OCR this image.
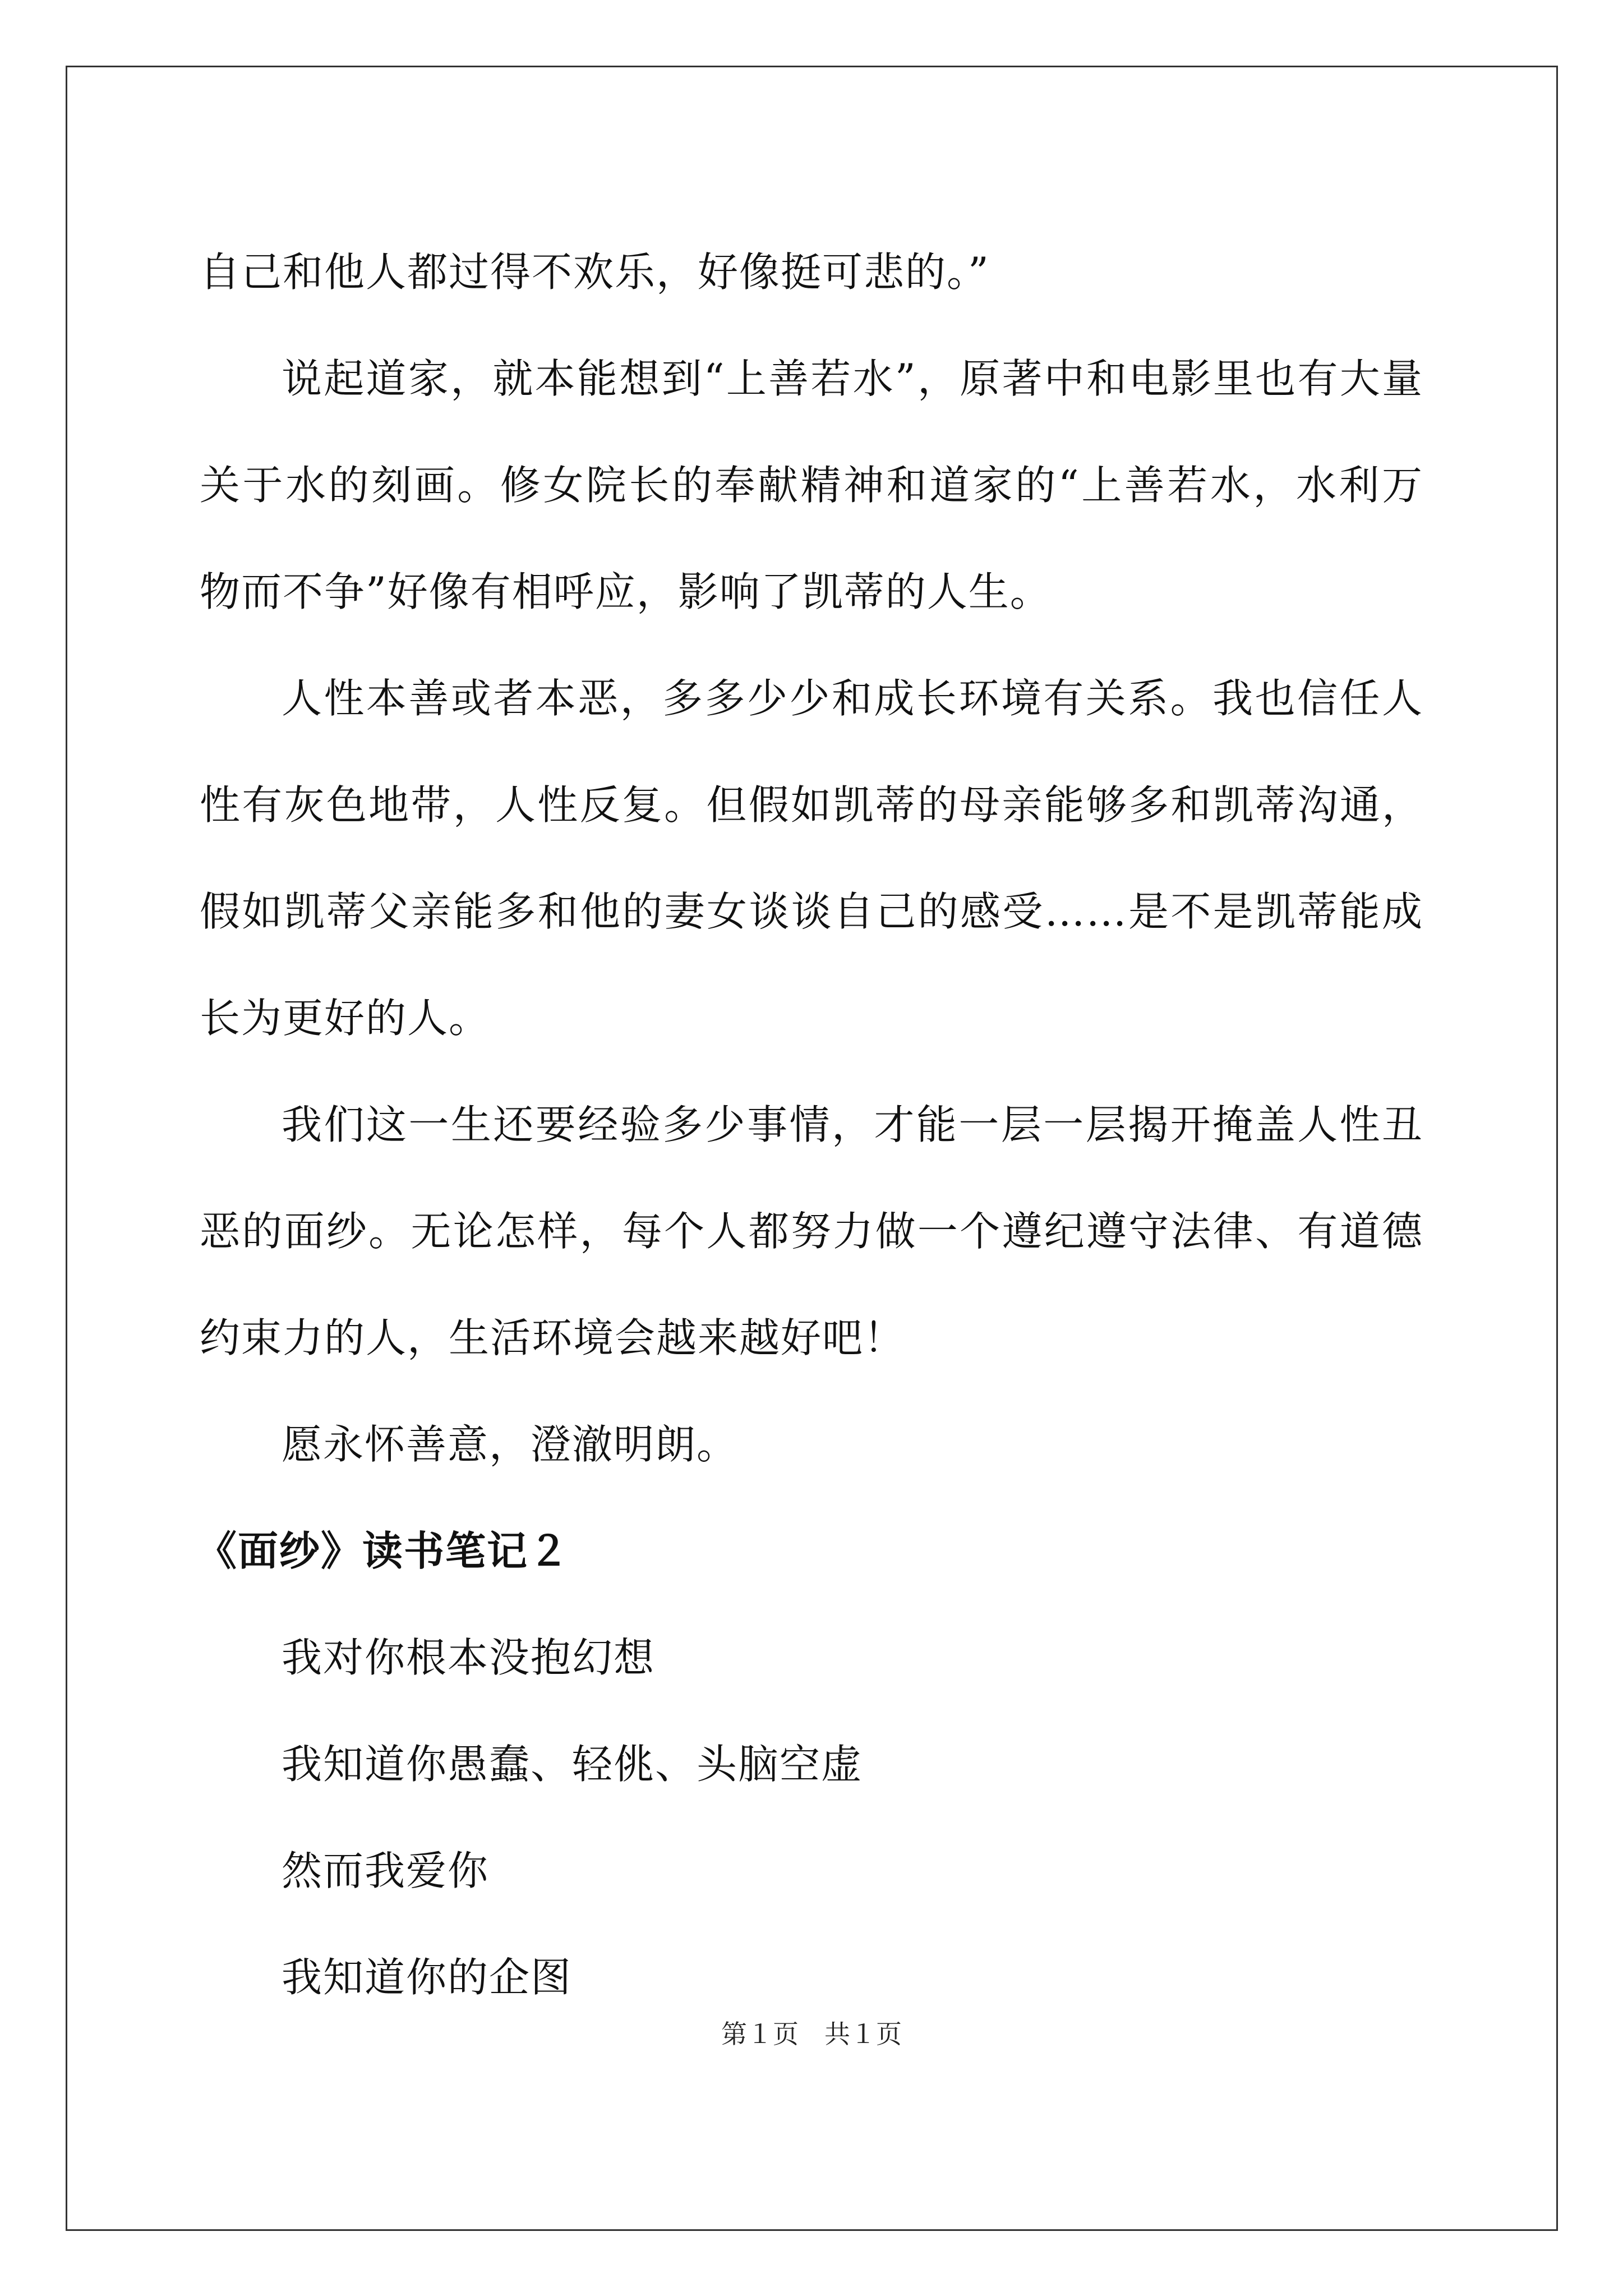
自己和他人都过得不欢乐，好像挺可悲的。”

说起道家，就本能想到“上善若水”，原著中和电影里也有大量关于水的刻画。修女院长的奉献精神和道家的“上善若水，水利万物而不争”好像有相呼应，影响了凯蒂的人生。

人性本善或者本恶，多多少少和成长环境有关系。我也信任人性有灰色地带，人性反复。但假如凯蒂的母亲能够多和凯蒂沟通，假如凯蒂父亲能多和他的妻女谈谈自己的感受……是不是凯蒂能成长为更好的人。

我们这一生还要经验多少事情，才能一层一层揭开掩盖人性丑恶的面纱。无论怎样，每个人都努力做一个遵纪遵守法律、有道德约束力的人，生活环境会越来越好吧！

愿永怀善意，澄澈明朗。

《面纱》读书笔记２

我对你根本没抱幻想

我知道你愚蠢、轻佻、头脑空虚

然而我爱你

我知道你的企图

第１页　共１页
